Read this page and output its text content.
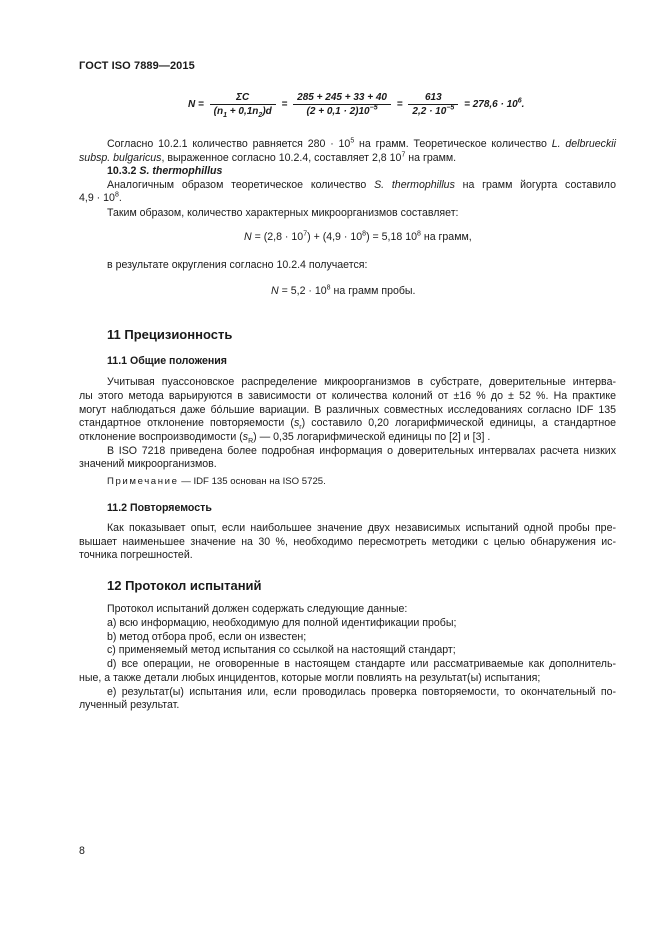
ГОСТ ISO 7889—2015
$N = \frac{\Sigma C}{(n_1 + 0,1n_2)d} = \frac{285 + 245 + 33 + 40}{(2 + 0,1 \cdot 2)10^{-5}} = \frac{613}{2,2 \cdot 10^{-5}} = 278,6 \cdot 10^6$.
Согласно 10.2.1 количество равняется $280 \cdot 10^5$ на грамм. Теоретическое количество L. delbrueckii
subsp. bulgaricus, выраженное согласно 10.2.4, составляет 2,8 $10^7$ на грамм.
10.3.2 S. thermophillus
Аналогичным образом теоретическое количество S. thermophillus на грамм йогурта составило
$4,9 \cdot 10^8$.
Таким образом, количество характерных микроорганизмов составляет:
$N = (2,8 \cdot 10^7) + (4,9 \cdot 10^8) = 5,18$ $10^8$ на грамм,
в результате округления согласно 10.2.4 получается:
$N = 5,2 \cdot 10^8$ на грамм пробы.
11 Прецизионность
11.1 Общие положения
Учитывая пуассоновское распределение микроорганизмов в субстрате, доверительные интерва-
лы этого метода варьируются в зависимости от количества колоний от ±16 % до ± 52 %. На практике
могут наблюдаться даже бо́льшие вариации. В различных совместных исследованиях согласно IDF 135
стандартное отклонение повторяемости $(s_r)$ составило 0,20 логарифмической единицы, а стандартное
отклонение воспроизводимости $(s_R)$ — 0,35 логарифмической единицы по [2] и [3] .
В ISO 7218 приведена более подробная информация о доверительных интервалах расчета низких
значений микроорганизмов.
Примечание — IDF 135 основан на ISO 5725.
11.2 Повторяемость
Как показывает опыт, если наибольшее значение двух независимых испытаний одной пробы пре-
вышает наименьшее значение на 30 %, необходимо пересмотреть методики с целью обнаружения ис-
точника погрешностей.
12 Протокол испытаний
Протокол испытаний должен содержать следующие данные:
a) всю информацию, необходимую для полной идентификации пробы;
b) метод отбора проб, если он известен;
c) применяемый метод испытания со ссылкой на настоящий стандарт;
d) все операции, не оговоренные в настоящем стандарте или рассматриваемые как дополнитель-
ные, а также детали любых инцидентов, которые могли повлиять на результат(ы) испытания;
e) результат(ы) испытания или, если проводилась проверка повторяемости, то окончательный по-
лученный результат.
8
